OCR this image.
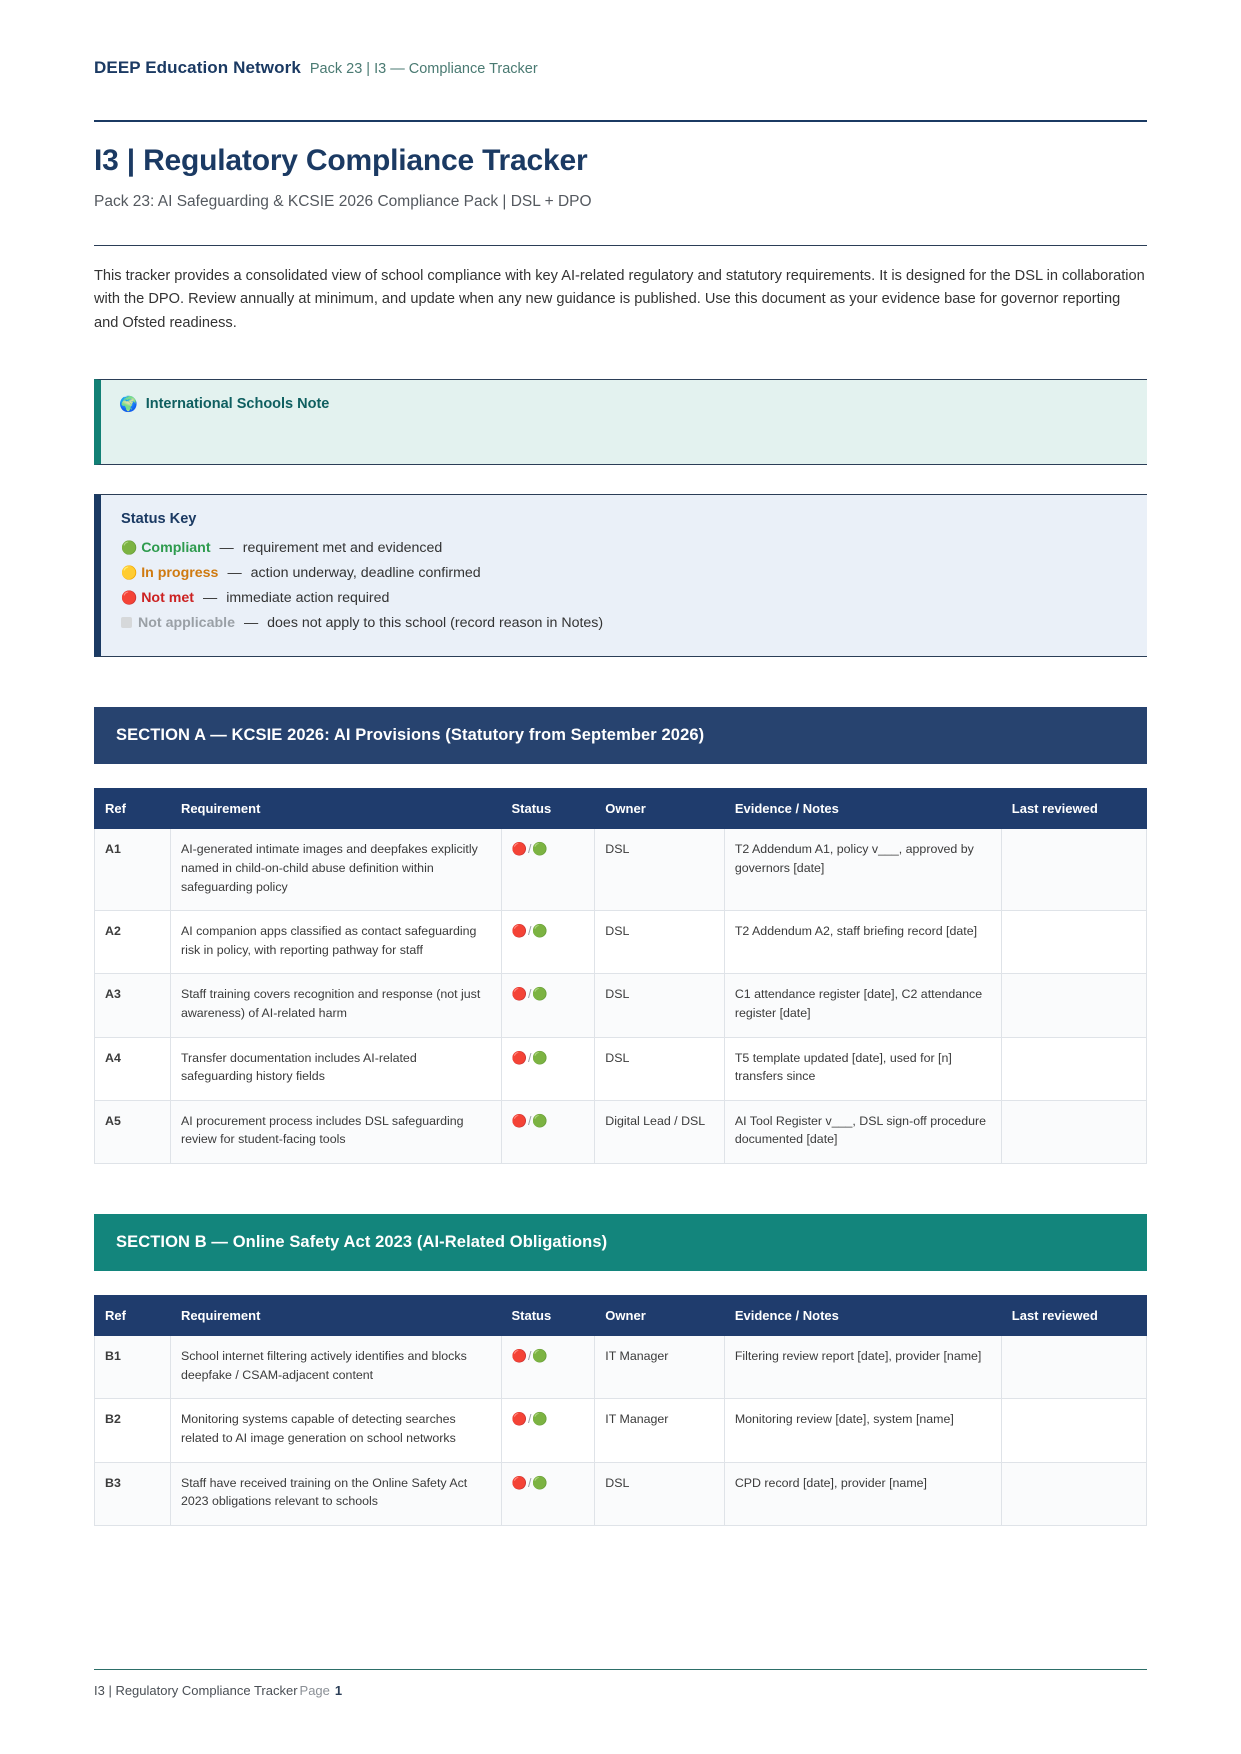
DEEP Education Network Pack 23 | I3 — Compliance Tracker
I3 | Regulatory Compliance Tracker
Pack 23: AI Safeguarding & KCSIE 2026 Compliance Pack | DSL + DPO

This tracker provides a consolidated view of school compliance with key AI-related regulatory and statutory requirements. It is designed for the DSL in collaboration with the DPO. Review annually at minimum, and update when any new guidance is published. Use this document as your evidence base for governor reporting and Ofsted readiness.

🌍 International Schools Note
Status Key
🟢 Compliant — requirement met and evidenced
🟡 In progress — action underway, deadline confirmed
🔴 Not met — immediate action required
Not applicable — does not apply to this school (record reason in Notes)
SECTION A — KCSIE 2026: AI Provisions (Statutory from September 2026)
Ref	Requirement	Status	Owner	Evidence / Notes	Last reviewed
A1	AI-generated intimate images and deepfakes explicitly named in child-on-child abuse definition within safeguarding policy	🔴/🟢	DSL	T2 Addendum A1, policy v___, approved by governors [date]	
A2	AI companion apps classified as contact safeguarding risk in policy, with reporting pathway for staff	🔴/🟢	DSL	T2 Addendum A2, staff briefing record [date]	
A3	Staff training covers recognition and response (not just awareness) of AI-related harm	🔴/🟢	DSL	C1 attendance register [date], C2 attendance register [date]	
A4	Transfer documentation includes AI-related safeguarding history fields	🔴/🟢	DSL	T5 template updated [date], used for [n] transfers since	
A5	AI procurement process includes DSL safeguarding review for student-facing tools	🔴/🟢	Digital Lead / DSL	AI Tool Register v___, DSL sign-off procedure documented [date]	
SECTION B — Online Safety Act 2023 (AI-Related Obligations)
Ref	Requirement	Status	Owner	Evidence / Notes	Last reviewed
B1	School internet filtering actively identifies and blocks deepfake / CSAM-adjacent content	🔴/🟢	IT Manager	Filtering review report [date], provider [name]	
B2	Monitoring systems capable of detecting searches related to AI image generation on school networks	🔴/🟢	IT Manager	Monitoring review [date], system [name]	
B3	Staff have received training on the Online Safety Act 2023 obligations relevant to schools	🔴/🟢	DSL	CPD record [date], provider [name]	
I3 | Regulatory Compliance Tracker Page 1
